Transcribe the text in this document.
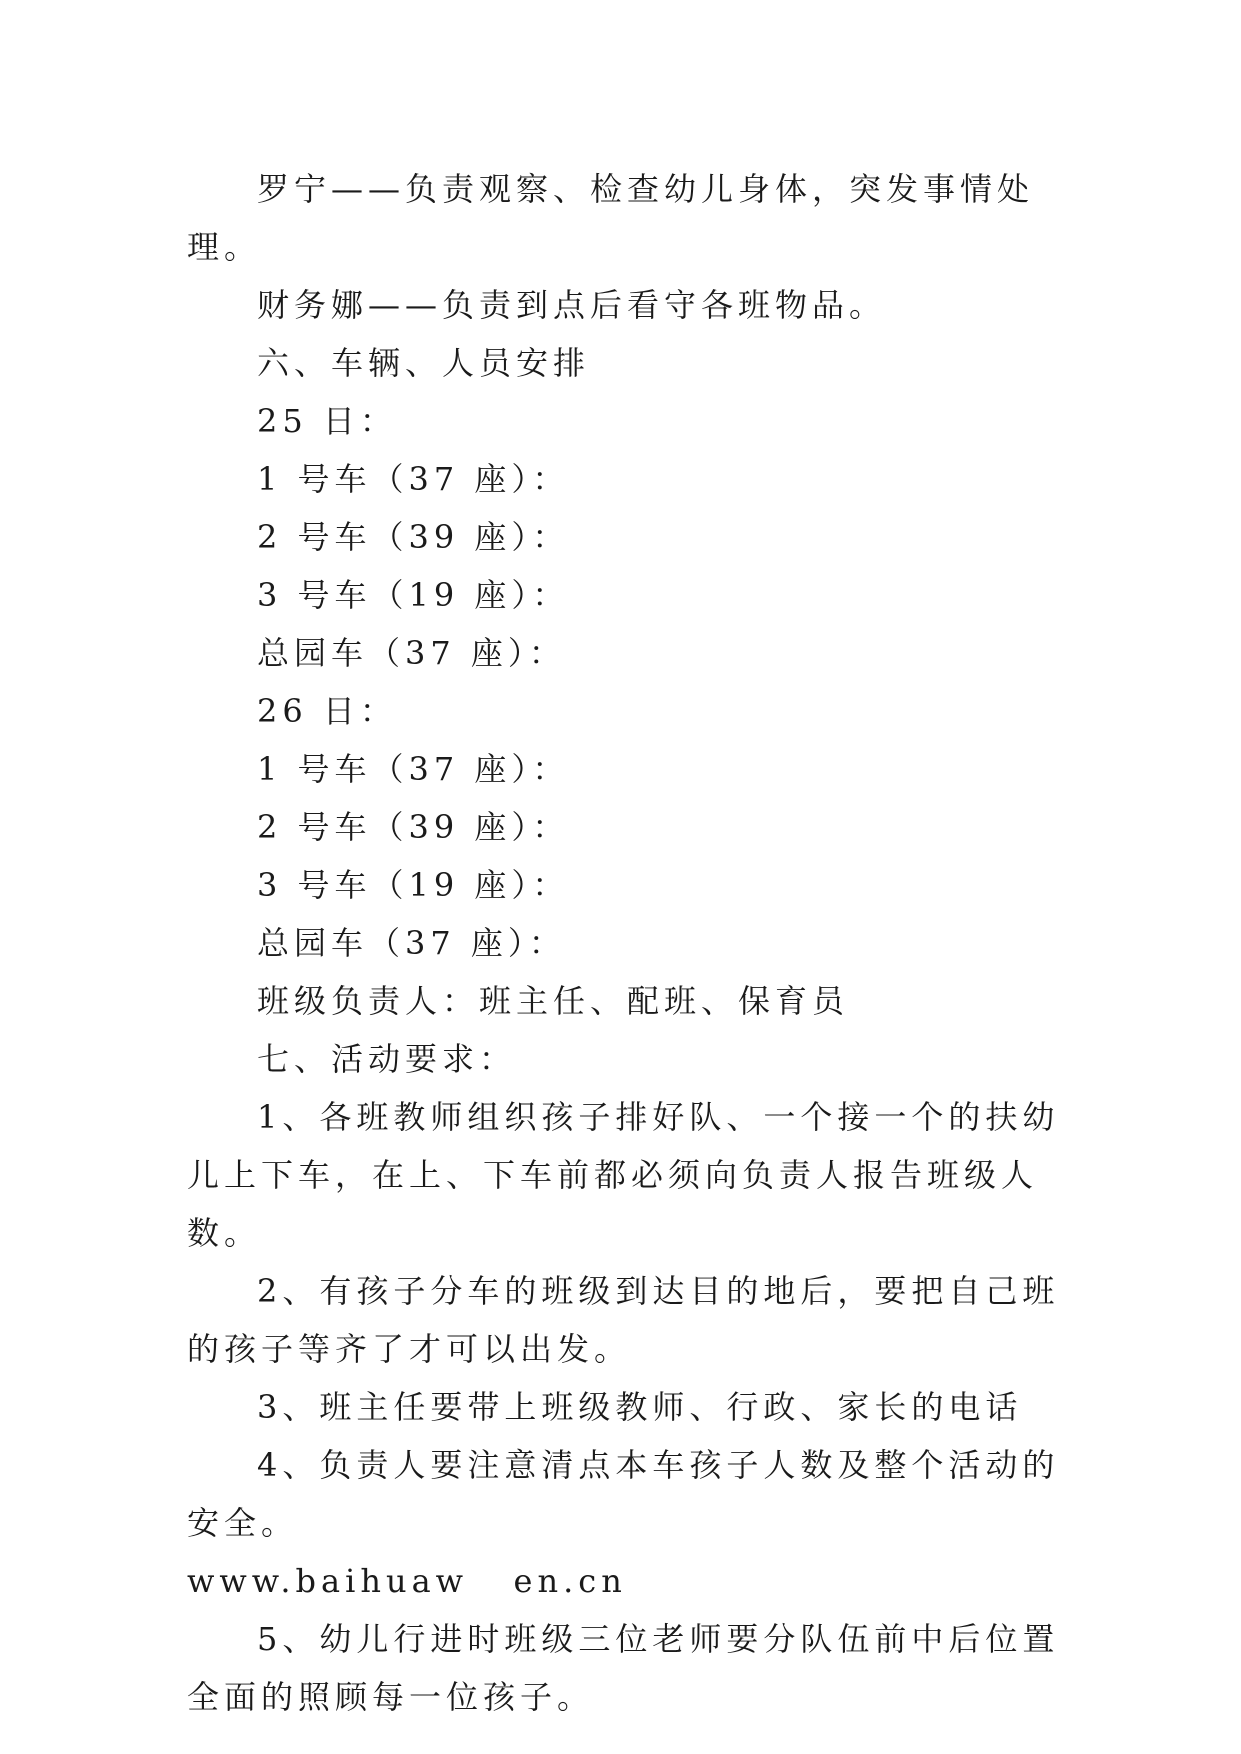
罗宁——负责观察、检查幼儿身体，突发事情处理。

财务娜——负责到点后看守各班物品。

六、车辆、人员安排

25 日：

1 号车（37 座）：

2 号车（39 座）：

3 号车（19 座）：

总园车（37 座）：

26 日：

1 号车（37 座）：

2 号车（39 座）：

3 号车（19 座）：

总园车（37 座）：

班级负责人：班主任、配班、保育员

七、活动要求：

1、各班教师组织孩子排好队、一个接一个的扶幼儿上下车，在上、下车前都必须向负责人报告班级人数。

2、有孩子分车的班级到达目的地后，要把自己班的孩子等齐了才可以出发。

3、班主任要带上班级教师、行政、家长的电话

4、负责人要注意清点本车孩子人数及整个活动的安全。

www.baihuaw   en.cn

5、幼儿行进时班级三位老师要分队伍前中后位置全面的照顾每一位孩子。
